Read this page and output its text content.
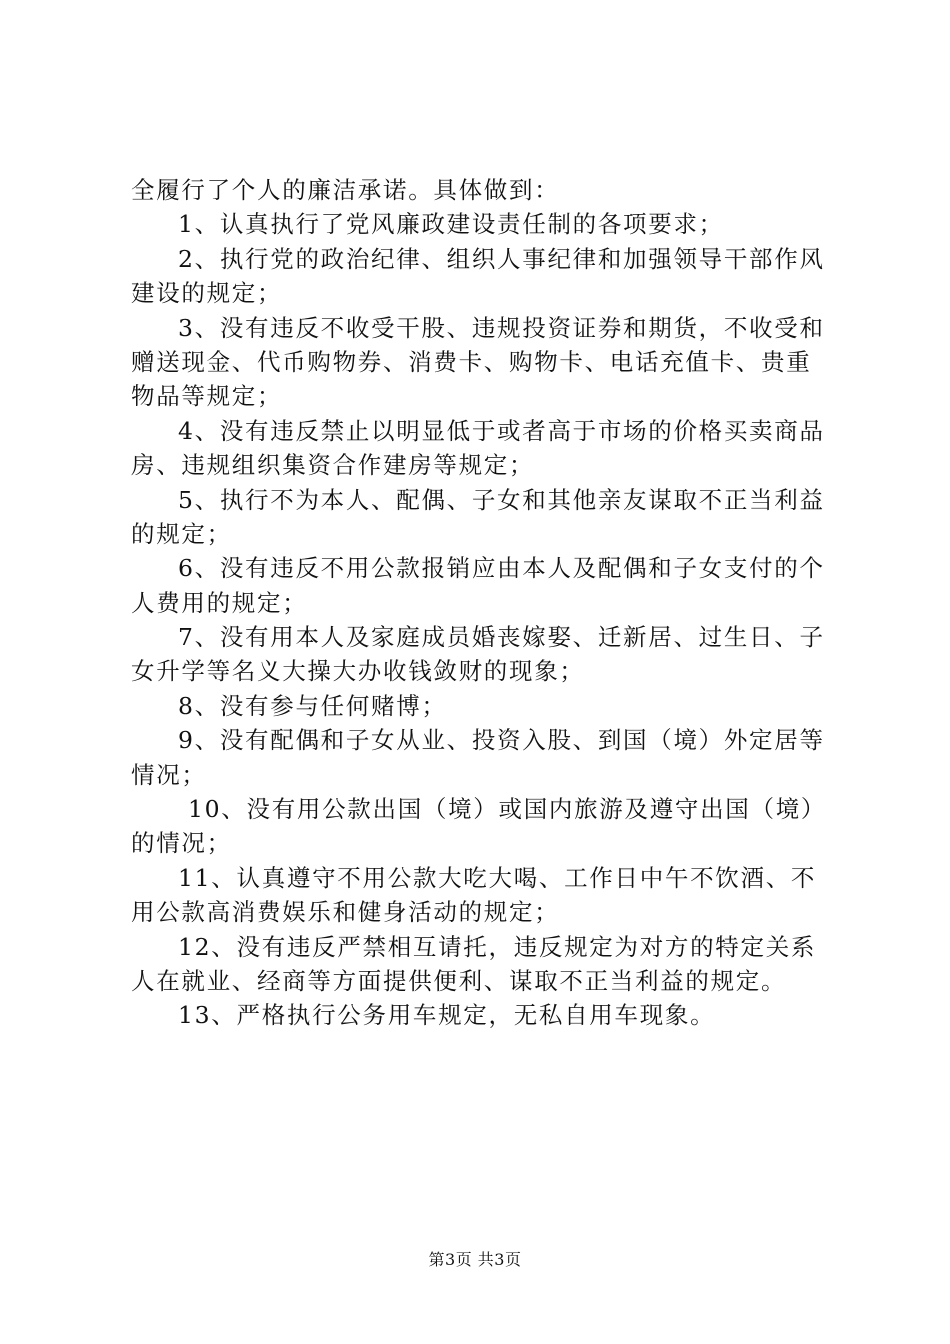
全履行了个人的廉洁承诺。具体做到：
1、认真执行了党风廉政建设责任制的各项要求；
2、执行党的政治纪律、组织人事纪律和加强领导干部作风
建设的规定；
3、没有违反不收受干股、违规投资证券和期货，不收受和
赠送现金、代币购物券、消费卡、购物卡、电话充值卡、贵重
物品等规定；
4、没有违反禁止以明显低于或者高于市场的价格买卖商品
房、违规组织集资合作建房等规定；
5、执行不为本人、配偶、子女和其他亲友谋取不正当利益
的规定；
6、没有违反不用公款报销应由本人及配偶和子女支付的个
人费用的规定；
7、没有用本人及家庭成员婚丧嫁娶、迁新居、过生日、子
女升学等名义大操大办收钱敛财的现象；
8、没有参与任何赌博；
9、没有配偶和子女从业、投资入股、到国（境）外定居等
情况；
10、没有用公款出国（境）或国内旅游及遵守出国（境）
的情况；
11、认真遵守不用公款大吃大喝、工作日中午不饮酒、不
用公款高消费娱乐和健身活动的规定；
12、没有违反严禁相互请托，违反规定为对方的特定关系
人在就业、经商等方面提供便利、谋取不正当利益的规定。
13、严格执行公务用车规定，无私自用车现象。
第3页 共3页
